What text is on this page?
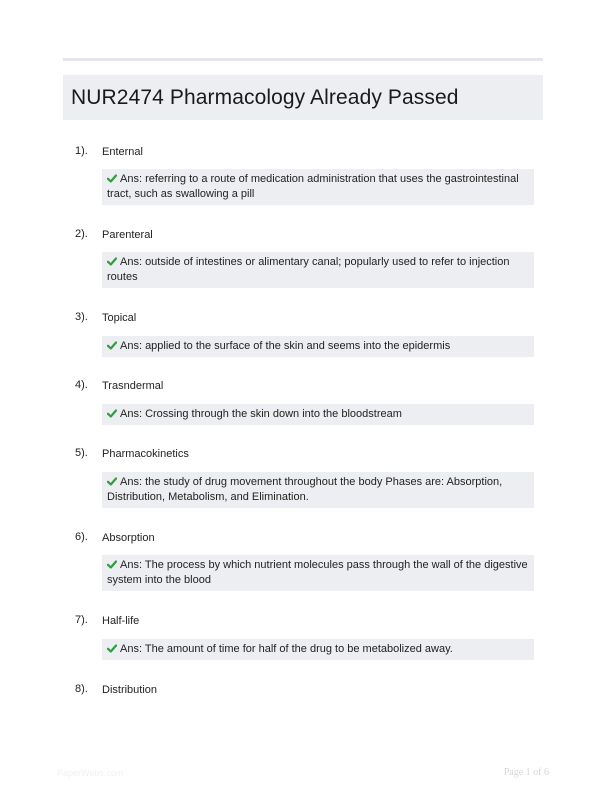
NUR2474 Pharmacology Already Passed
1). Enternal
Ans: referring to a route of medication administration that uses the gastrointestinal tract, such as swallowing a pill
2). Parenteral
Ans: outside of intestines or alimentary canal; popularly used to refer to injection routes
3). Topical
Ans: applied to the surface of the skin and seems into the epidermis
4). Trasndermal
Ans: Crossing through the skin down into the bloodstream
5). Pharmacokinetics
Ans: the study of drug movement throughout the body Phases are: Absorption, Distribution, Metabolism, and Elimination.
6). Absorption
Ans: The process by which nutrient molecules pass through the wall of the digestive system into the blood
7). Half-life
Ans: The amount of time for half of the drug to be metabolized away.
8). Distribution
PaperWebs.com	Page 1 of 6
